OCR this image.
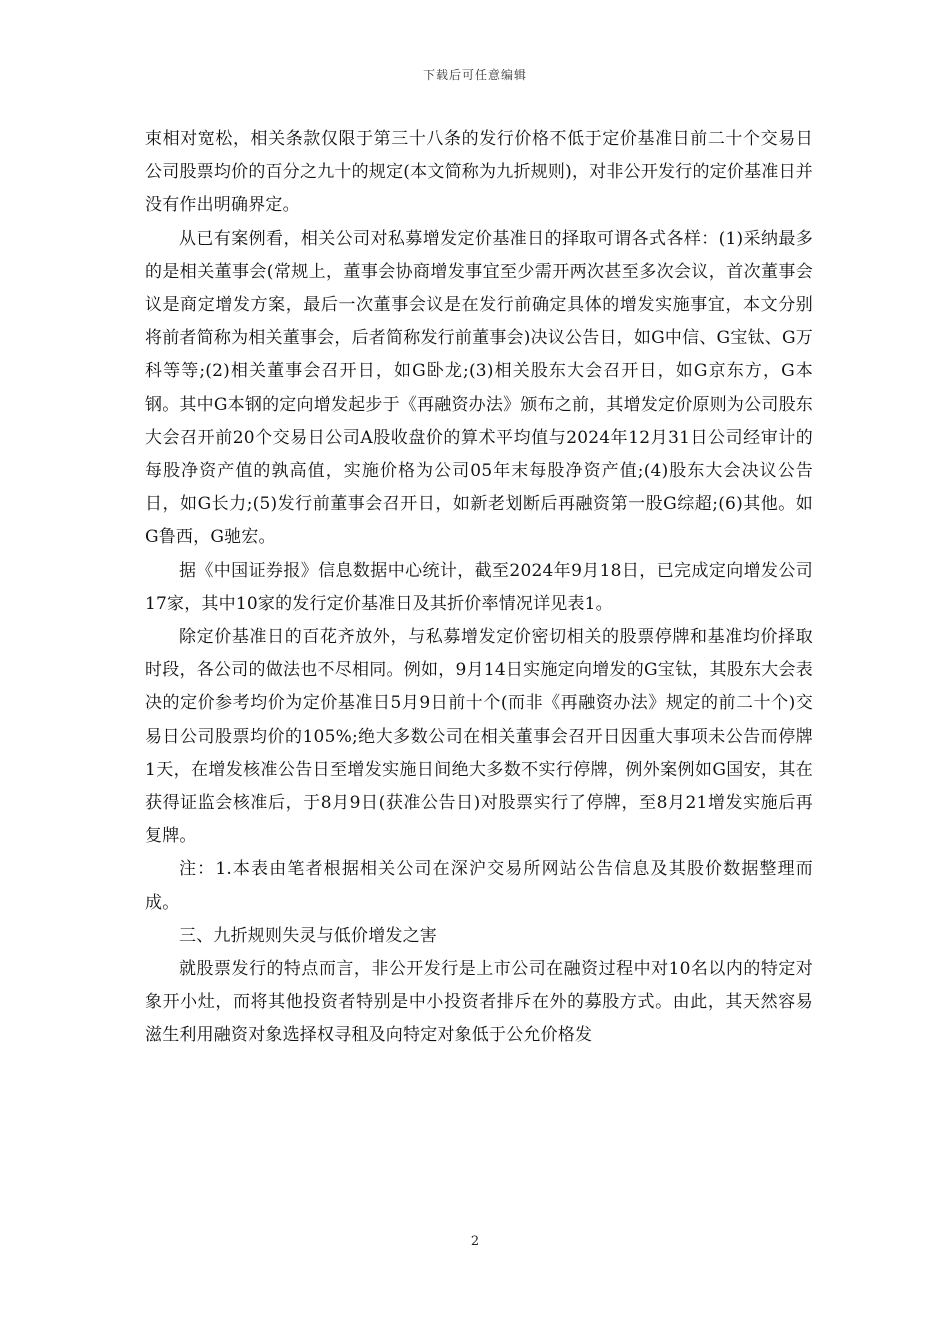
下载后可任意编辑

束相对宽松，相关条款仅限于第三十八条的发行价格不低于定价基准日前二十个交易日公司股票均价的百分之九十的规定(本文简称为九折规则)，对非公开发行的定价基准日并没有作出明确界定。

从已有案例看，相关公司对私募增发定价基准日的择取可谓各式各样：(1)采纳最多的是相关董事会(常规上，董事会协商增发事宜至少需开两次甚至多次会议，首次董事会议是商定增发方案，最后一次董事会议是在发行前确定具体的增发实施事宜，本文分别将前者简称为相关董事会，后者简称发行前董事会)决议公告日，如G中信、G宝钛、G万科等等;(2)相关董事会召开日，如G卧龙;(3)相关股东大会召开日，如G京东方，G本钢。其中G本钢的定向增发起步于《再融资办法》颁布之前，其增发定价原则为公司股东大会召开前20个交易日公司A股收盘价的算术平均值与2024年12月31日公司经审计的每股净资产值的孰高值，实施价格为公司05年末每股净资产值;(4)股东大会决议公告日，如G长力;(5)发行前董事会召开日，如新老划断后再融资第一股G综超;(6)其他。如G鲁西，G驰宏。

据《中国证券报》信息数据中心统计，截至2024年9月18日，已完成定向增发公司17家，其中10家的发行定价基准日及其折价率情况详见表1。

除定价基准日的百花齐放外，与私募增发定价密切相关的股票停牌和基准均价择取时段，各公司的做法也不尽相同。例如，9月14日实施定向增发的G宝钛，其股东大会表决的定价参考均价为定价基准日5月9日前十个(而非《再融资办法》规定的前二十个)交易日公司股票均价的105%;绝大多数公司在相关董事会召开日因重大事项未公告而停牌1天，在增发核准公告日至增发实施日间绝大多数不实行停牌，例外案例如G国安，其在获得证监会核准后，于8月9日(获准公告日)对股票实行了停牌，至8月21增发实施后再复牌。

注：1.本表由笔者根据相关公司在深沪交易所网站公告信息及其股价数据整理而成。

三、九折规则失灵与低价增发之害

就股票发行的特点而言，非公开发行是上市公司在融资过程中对10名以内的特定对象开小灶，而将其他投资者特别是中小投资者排斥在外的募股方式。由此，其天然容易滋生利用融资对象选择权寻租及向特定对象低于公允价格发

2
